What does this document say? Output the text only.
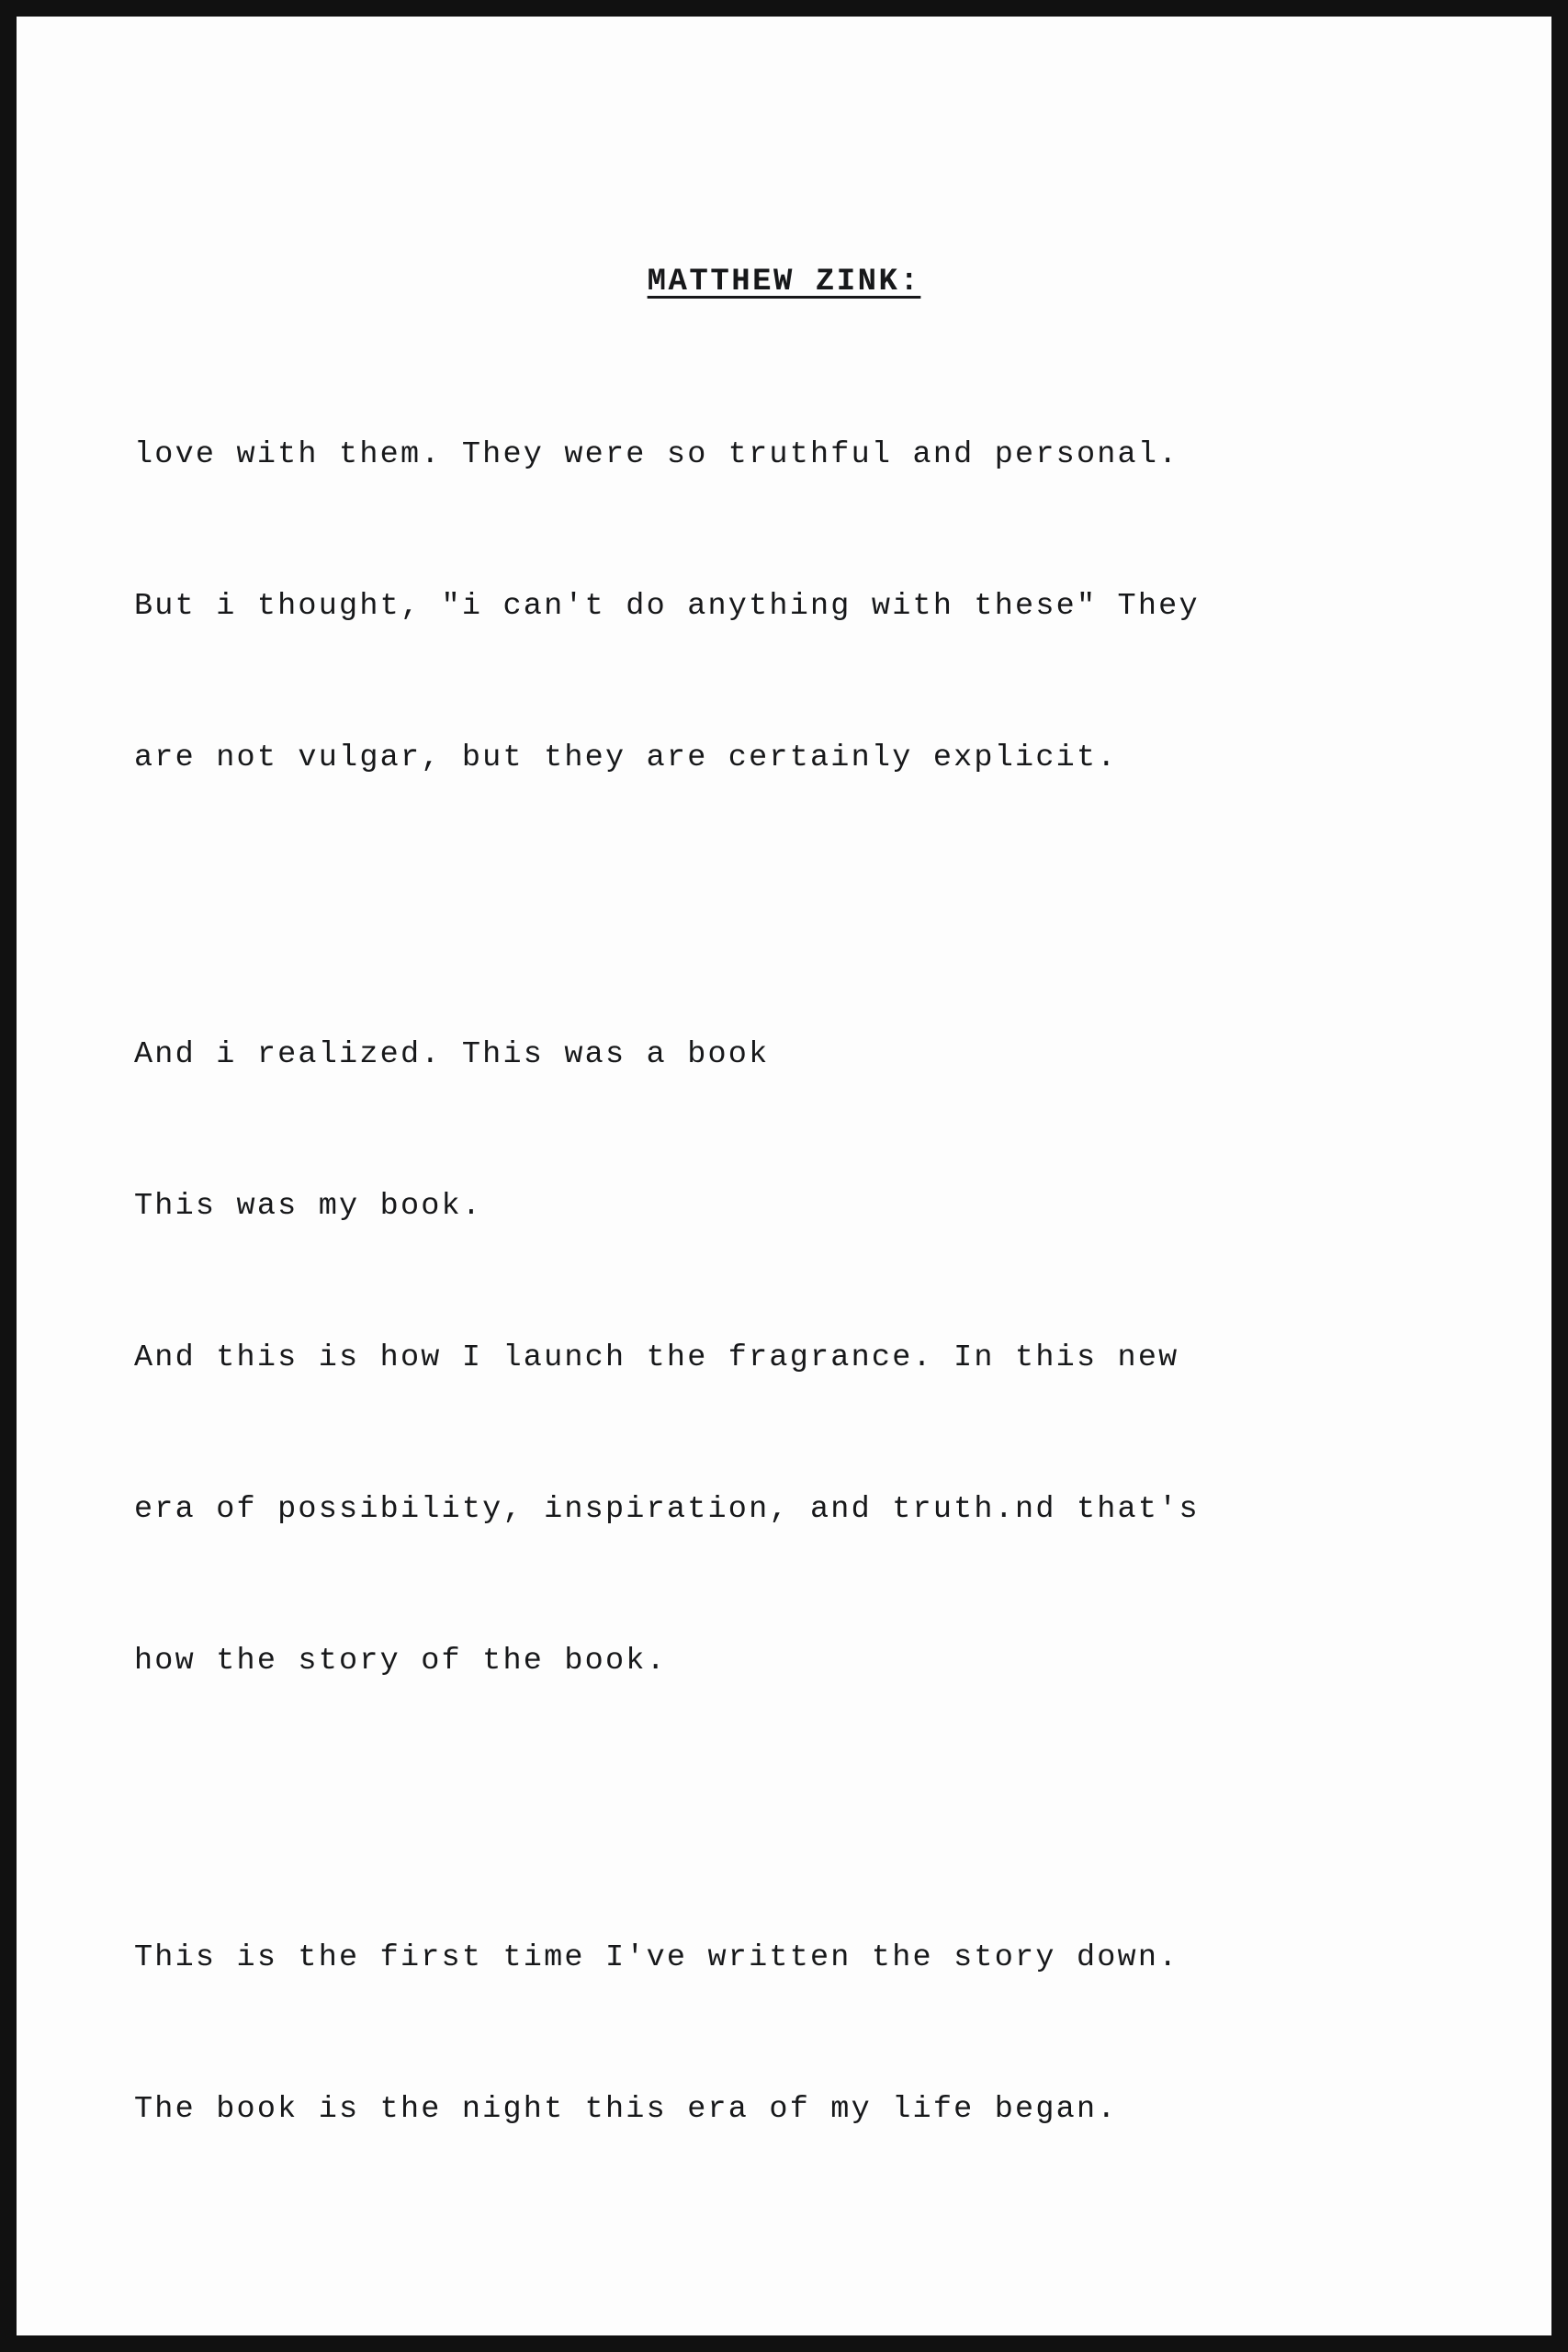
MATTHEW ZINK:

love with them. They were so truthful and personal.

But i thought, "i can't do anything with these" They

are not vulgar, but they are certainly explicit.

And i realized. This was a book

This was my book.

And this is how I launch the fragrance. In this new

era of possibility, inspiration, and truth.nd that's

how the story of the book.

This is the first time I've written the story down.

The book is the night this era of my life began.
